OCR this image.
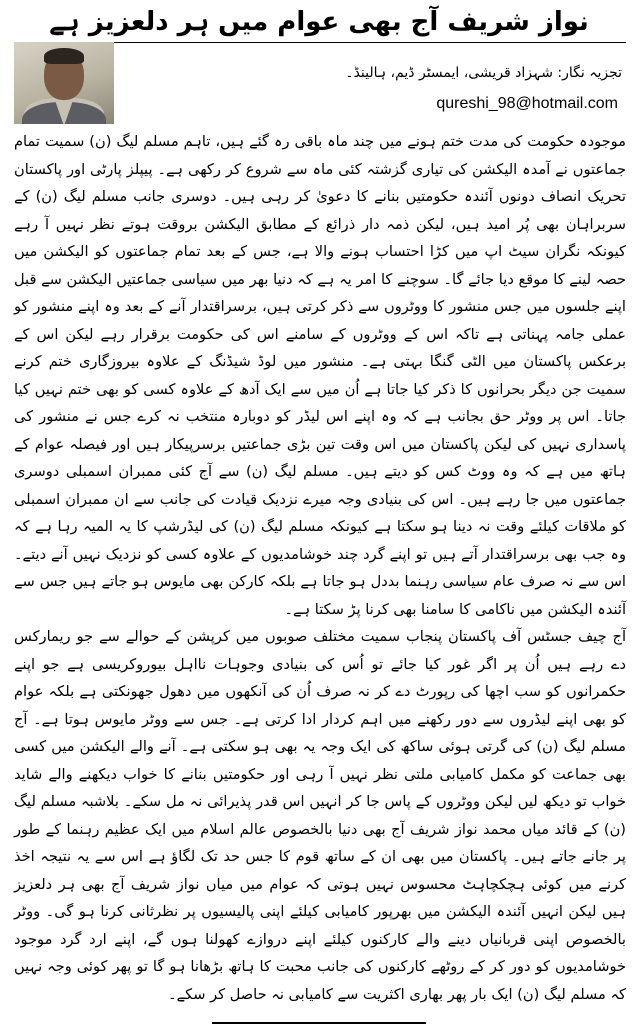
نواز شریف آج بھی عوام میں ہر دلعزیز ہے
تجزیہ نگار: شہزاد قریشی، ایمسٹر ڈیم، ہالینڈ۔
qureshi_98@hotmail.com

موجودہ حکومت کی مدت ختم ہونے میں چند ماہ باقی رہ گئے ہیں، تاہم مسلم لیگ (ن) سمیت تمام جماعتوں نے آمدہ الیکشن کی تیاری گزشتہ کئی ماہ سے شروع کر رکھی ہے۔ پیپلز پارٹی اور پاکستان تحریک انصاف دونوں آئندہ حکومتیں بنانے کا دعویٰ کر رہی ہیں۔ دوسری جانب مسلم لیگ (ن) کے سربراہان بھی پُر امید ہیں، لیکن ذمہ دار ذرائع کے مطابق الیکشن بروقت ہوتے نظر نہیں آ رہے کیونکہ نگران سیٹ اپ میں کڑا احتساب ہونے والا ہے، جس کے بعد تمام جماعتوں کو الیکشن میں حصہ لینے کا موقع دیا جائے گا۔ سوچنے کا امر یہ ہے کہ دنیا بھر میں سیاسی جماعتیں الیکشن سے قبل اپنے جلسوں میں جس منشور کا ووٹروں سے ذکر کرتی ہیں، برسراقتدار آنے کے بعد وہ اپنے منشور کو عملی جامہ پہناتی ہے تاکہ اس کے ووٹروں کے سامنے اس کی حکومت برقرار رہے لیکن اس کے برعکس پاکستان میں الٹی گنگا بہتی ہے۔ منشور میں لوڈ شیڈنگ کے علاوہ بیروزگاری ختم کرنے سمیت جن دیگر بحرانوں کا ذکر کیا جاتا ہے اُن میں سے ایک آدھ کے علاوہ کسی کو بھی ختم نہیں کیا جاتا۔ اس پر ووٹر حق بجانب ہے کہ وہ اپنے اس لیڈر کو دوبارہ منتخب نہ کرے جس نے منشور کی پاسداری نہیں کی لیکن پاکستان میں اس وقت تین بڑی جماعتیں برسرپیکار ہیں اور فیصلہ عوام کے ہاتھ میں ہے کہ وہ ووٹ کس کو دیتے ہیں۔ مسلم لیگ (ن) سے آج کئی ممبران اسمبلی دوسری جماعتوں میں جا رہے ہیں۔ اس کی بنیادی وجہ میرے نزدیک قیادت کی جانب سے ان ممبران اسمبلی کو ملاقات کیلئے وقت نہ دینا ہو سکتا ہے کیونکہ مسلم لیگ (ن) کی لیڈرشپ کا یہ المیہ رہا ہے کہ وہ جب بھی برسراقتدار آتے ہیں تو اپنے گرد چند خوشامدیوں کے علاوہ کسی کو نزدیک نہیں آنے دیتے۔ اس سے نہ صرف عام سیاسی رہنما بددل ہو جاتا ہے بلکہ کارکن بھی مایوس ہو جاتے ہیں جس سے آئندہ الیکشن میں ناکامی کا سامنا بھی کرنا پڑ سکتا ہے۔

آج چیف جسٹس آف پاکستان پنجاب سمیت مختلف صوبوں میں کرپشن کے حوالے سے جو ریمارکس دے رہے ہیں اُن پر اگر غور کیا جائے تو اُس کی بنیادی وجوہات نااہل بیوروکریسی ہے جو اپنے حکمرانوں کو سب اچھا کی رپورٹ دے کر نہ صرف اُن کی آنکھوں میں دھول جھونکتی ہے بلکہ عوام کو بھی اپنے لیڈروں سے دور رکھنے میں اہم کردار ادا کرتی ہے۔ جس سے ووٹر مایوس ہوتا ہے۔ آج مسلم لیگ (ن) کی گرتی ہوئی ساکھ کی ایک وجہ یہ بھی ہو سکتی ہے۔ آنے والے الیکشن میں کسی بھی جماعت کو مکمل کامیابی ملتی نظر نہیں آ رہی اور حکومتیں بنانے کا خواب دیکھنے والے شاید خواب تو دیکھ لیں لیکن ووٹروں کے پاس جا کر انہیں اس قدر پذیرائی نہ مل سکے۔ بلاشبہ مسلم لیگ (ن) کے قائد میاں محمد نواز شریف آج بھی دنیا بالخصوص عالم اسلام میں ایک عظیم رہنما کے طور پر جانے جاتے ہیں۔ پاکستان میں بھی ان کے ساتھ قوم کا جس حد تک لگاؤ ہے اس سے یہ نتیجہ اخذ کرنے میں کوئی ہچکچاہٹ محسوس نہیں ہوتی کہ عوام میں میاں نواز شریف آج بھی ہر دلعزیز ہیں لیکن انہیں آئندہ الیکشن میں بھرپور کامیابی کیلئے اپنی پالیسیوں پر نظرثانی کرنا ہو گی۔ ووٹر بالخصوص اپنی قربانیاں دینے والے کارکنوں کیلئے اپنے دروازے کھولنا ہوں گے، اپنے ارد گرد موجود خوشامدیوں کو دور کر کے روٹھے کارکنوں کی جانب محبت کا ہاتھ بڑھانا ہو گا تو پھر کوئی وجہ نہیں کہ مسلم لیگ (ن) ایک بار پھر بھاری اکثریت سے کامیابی نہ حاصل کر سکے۔
